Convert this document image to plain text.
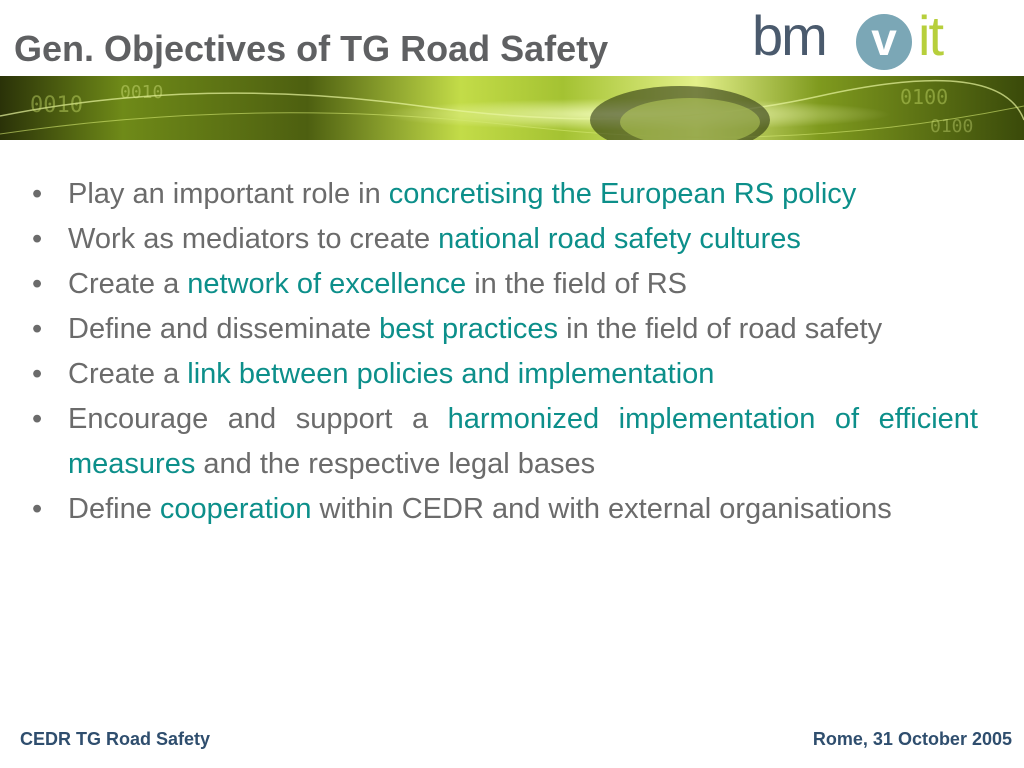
Gen. Objectives of TG Road Safety	bm v it
0010
0010	0100
0100
• Play an important role in concretising the European RS policy
• Work as mediators to create national road safety cultures
• Create a network of excellence in the field of RS
• Define and disseminate best practices in the field of road safety
• Create a link between policies and implementation
• Encourage and support a harmonized implementation of efficient measures and the respective legal bases
• Define cooperation within CEDR and with external organisations
CEDR TG Road Safety	Rome, 31 October 2005
